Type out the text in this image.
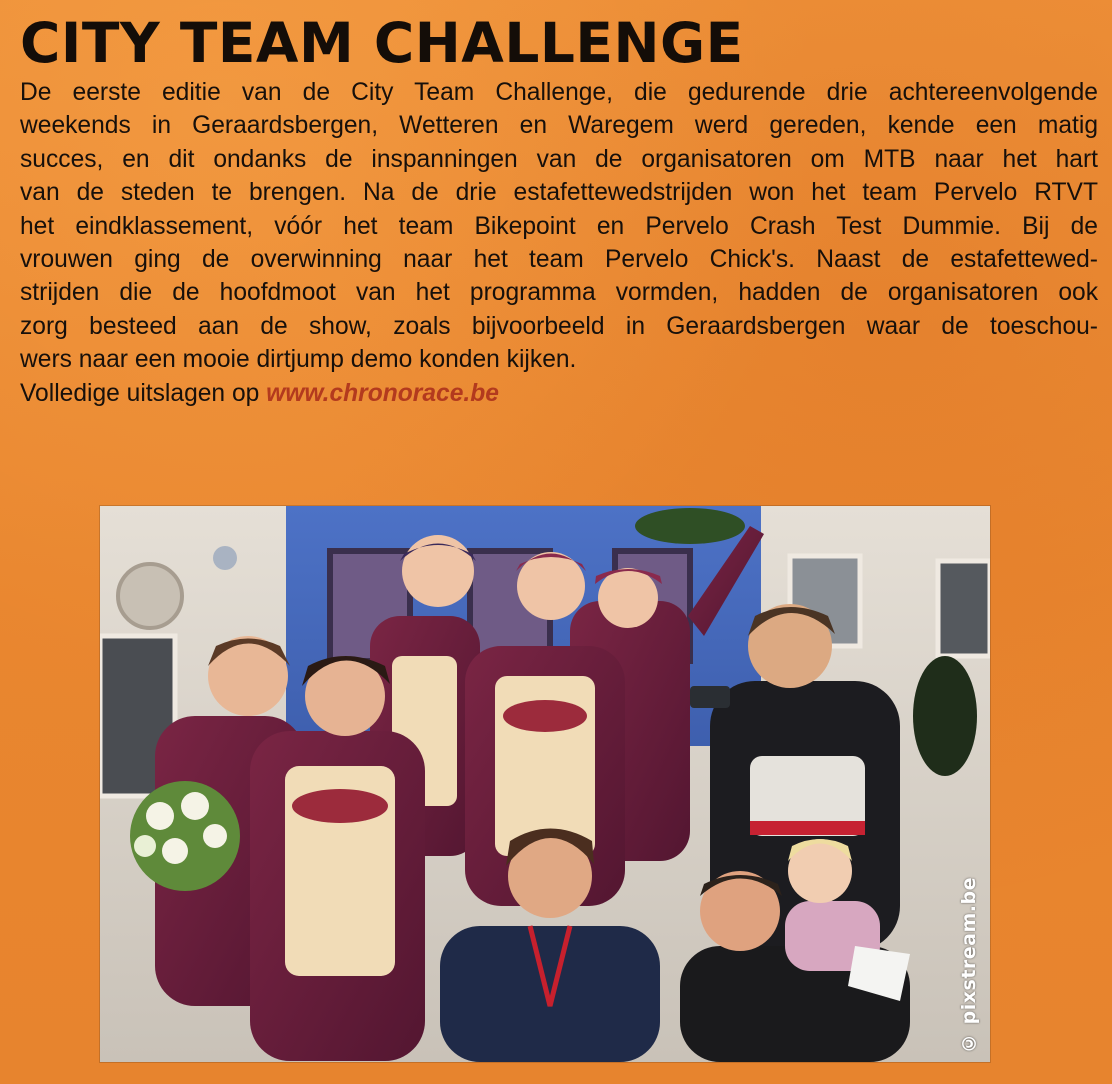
CITY TEAM CHALLENGE
De eerste editie van de City Team Challenge, die gedurende drie achtereenvolgende
weekends in Geraardsbergen, Wetteren en Waregem werd gereden, kende een matig
succes, en dit ondanks de inspanningen van de organisatoren om MTB naar het hart
van de steden te brengen. Na de drie estafettewedstrijden won het team Pervelo RTVT
het eindklassement, vóór het team Bikepoint en Pervelo Crash Test Dummie. Bij de
vrouwen ging de overwinning naar het team Pervelo Chick's. Naast de estafettewed-
strijden die de hoofdmoot van het programma vormden, hadden de organisatoren ook
zorg besteed aan de show, zoals bijvoorbeeld in Geraardsbergen waar de toeschou-
wers naar een mooie dirtjump demo konden kijken.
Volledige uitslagen op www.chronorace.be
© pixstream.be
